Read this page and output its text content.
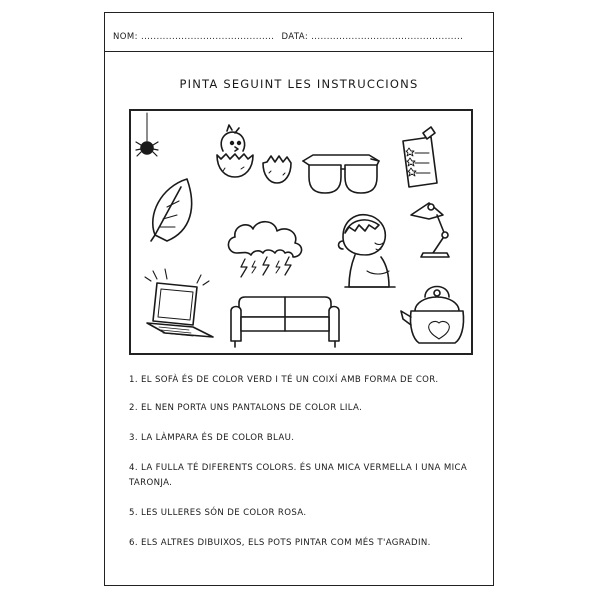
NOM: ........................................... DATA: .................................................
PINTA SEGUINT LES INSTRUCCIONS

1. EL SOFÀ ÉS DE COLOR VERD I TÉ UN COIXÍ AMB FORMA DE COR.

2. EL NEN PORTA UNS PANTALONS DE COLOR LILA.

3. LA LÀMPARA ÉS DE COLOR BLAU.

4. LA FULLA TÉ DIFERENTS COLORS. ÉS UNA MICA VERMELLA I UNA MICA TARONJA.

5. LES ULLERES SÓN DE COLOR ROSA.

6. ELS ALTRES DIBUIXOS, ELS POTS PINTAR COM MÉS T'AGRADIN.
